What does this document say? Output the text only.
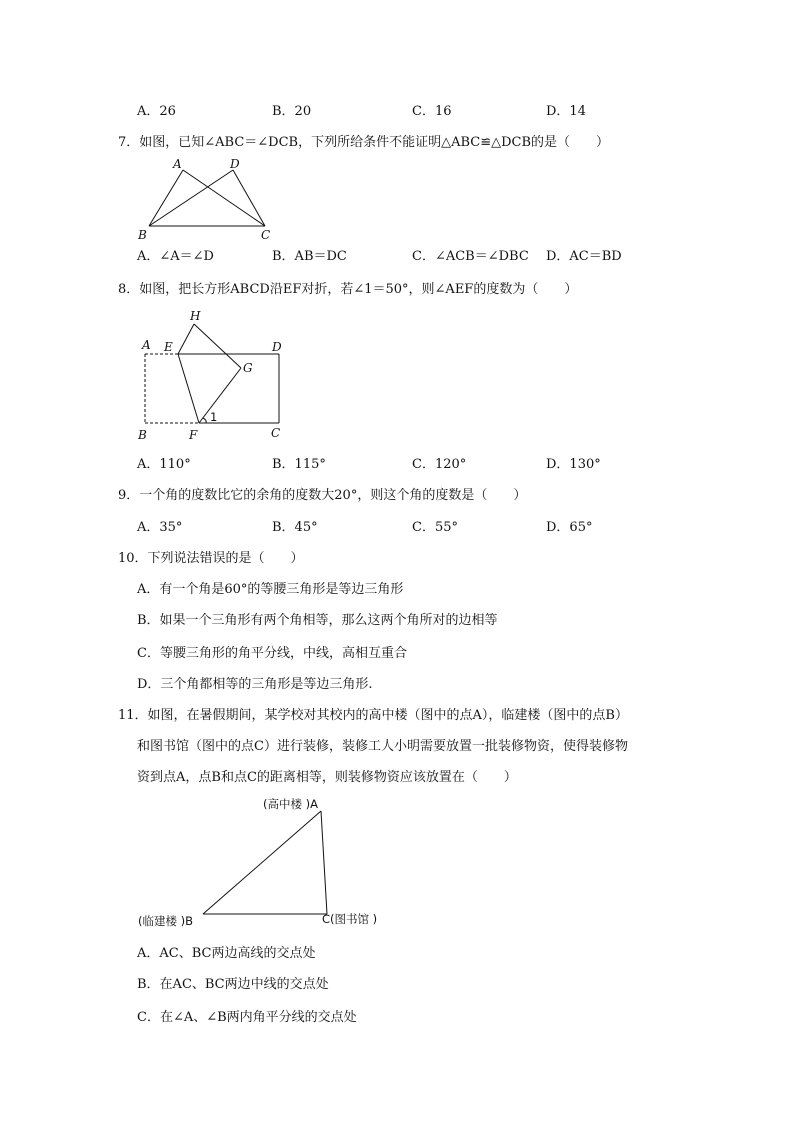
A．26	B．20	C．16	D．14
7．如图，已知∠ABC＝∠DCB，下列所给条件不能证明△ABC≌△DCB的是（　　）
A	D
B	C
A．∠A＝∠D	B．AB＝DC	C．∠ACB＝∠DBC D．AC＝BD
8．如图，把长方形ABCD沿EF对折，若∠1＝50°，则∠AEF的度数为（　　）
H
A E	D
G
1
B	F	C
A．110°	B．115°	C．120°	D．130°
9．一个角的度数比它的余角的度数大20°，则这个角的度数是（　　）
A．35°	B．45°	C．55°	D．65°
10．下列说法错误的是（　　）
A．有一个角是60°的等腰三角形是等边三角形
B．如果一个三角形有两个角相等，那么这两个角所对的边相等
C．等腰三角形的角平分线，中线，高相互重合
D．三个角都相等的三角形是等边三角形.
11．如图，在暑假期间，某学校对其校内的高中楼（图中的点A），临建楼（图中的点B）
和图书馆（图中的点C）进行装修，装修工人小明需要放置一批装修物资，使得装修物
资到点A，点B和点C的距离相等，则装修物资应该放置在（　　）
(高中楼 )A
(临建楼 )B	C(图书馆 )
A．AC、BC两边高线的交点处
B．在AC、BC两边中线的交点处
C．在∠A、∠B两内角平分线的交点处
